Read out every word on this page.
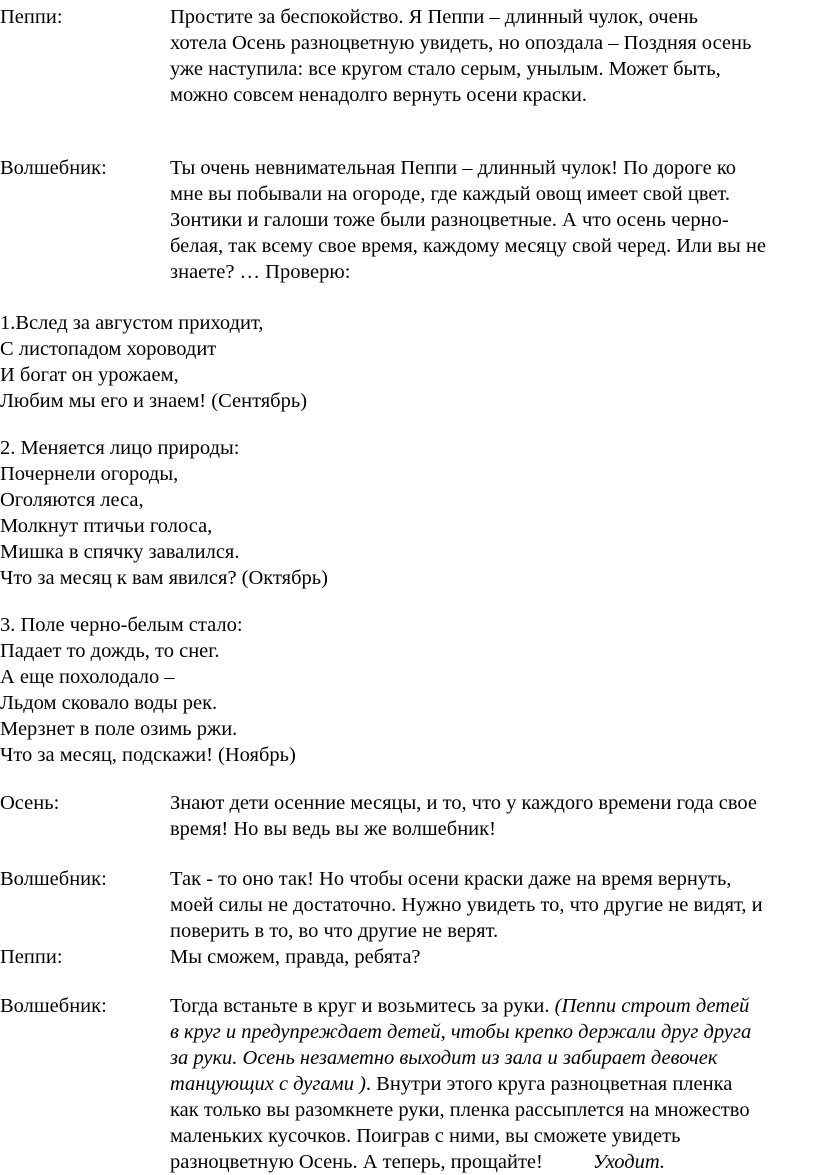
Пеппи:	Простите за беспокойство. Я Пеппи – длинный чулок, очень
хотела Осень разноцветную увидеть, но опоздала – Поздняя осень
уже наступила: все кругом стало серым, унылым. Может быть,
можно совсем ненадолго вернуть осени краски.
Волшебник:	Ты очень невнимательная Пеппи – длинный чулок! По дороге ко
мне вы побывали на огороде, где каждый овощ имеет свой цвет.
Зонтики и галоши тоже были разноцветные. А что осень черно-
белая, так всему свое время, каждому месяцу свой черед. Или вы не
знаете? … Проверю:
1.Вслед за августом приходит,
С листопадом хороводит
И богат он урожаем,
Любим мы его и знаем! (Сентябрь)
2. Меняется лицо природы:
Почернели огороды,
Оголяются леса,
Молкнут птичьи голоса,
Мишка в спячку завалился.
Что за месяц к вам явился? (Октябрь)
3. Поле черно-белым стало:
Падает то дождь, то снег.
А еще похолодало –
Льдом сковало воды рек.
Мерзнет в поле озимь ржи.
Что за месяц, подскажи! (Ноябрь)
Осень:	Знают дети осенние месяцы, и то, что у каждого времени года свое
время! Но вы ведь вы же волшебник!
Волшебник:	Так - то оно так! Но чтобы осени краски даже на время вернуть,
моей силы не достаточно. Нужно увидеть то, что другие не видят, и
поверить в то, во что другие не верят.
Пеппи:	Мы сможем, правда, ребята?
Волшебник:	Тогда встаньте в круг и возьмитесь за руки. (Пеппи строит детей
в круг и предупреждает детей, чтобы крепко держали друг друга
за руки. Осень незаметно выходит из зала и забирает девочек
танцующих с дугами ). Внутри этого круга разноцветная пленка
как только вы разомкнете руки, пленка рассыплется на множество
маленьких кусочков. Поиграв с ними, вы сможете увидеть
разноцветную Осень. А теперь, прощайте! Уходит.
